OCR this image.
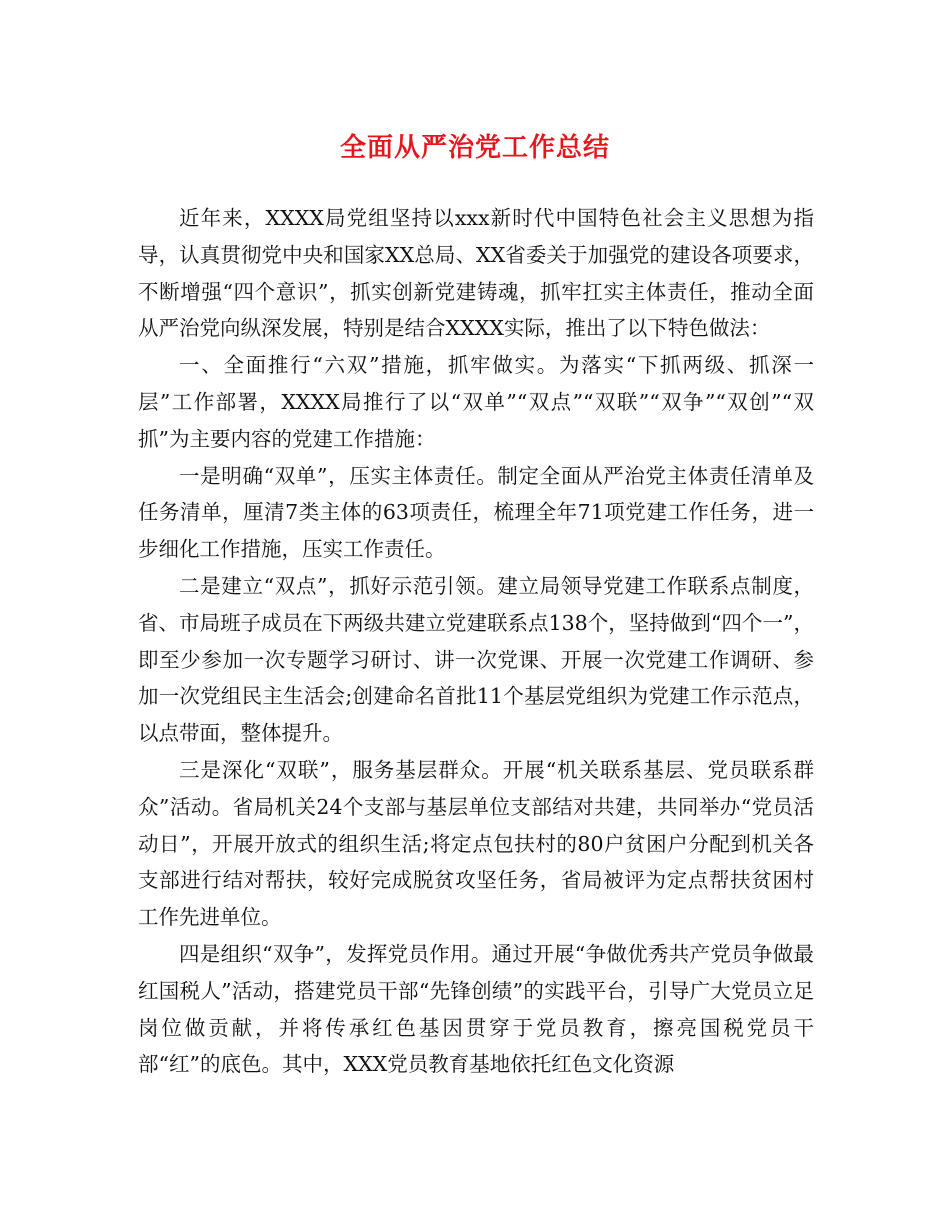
全面从严治党工作总结

近年来，XXXX局党组坚持以xxx新时代中国特色社会主义思想为指导，认真贯彻党中央和国家XX总局、XX省委关于加强党的建设各项要求，不断增强“四个意识”，抓实创新党建铸魂，抓牢扛实主体责任，推动全面从严治党向纵深发展，特别是结合XXXX实际，推出了以下特色做法：

一、全面推行“六双”措施，抓牢做实。为落实“下抓两级、抓深一层”工作部署，XXXX局推行了以“双单”“双点”“双联”“双争”“双创”“双抓”为主要内容的党建工作措施：

一是明确“双单”，压实主体责任。制定全面从严治党主体责任清单及任务清单，厘清7类主体的63项责任，梳理全年71项党建工作任务，进一步细化工作措施，压实工作责任。

二是建立“双点”，抓好示范引领。建立局领导党建工作联系点制度，省、市局班子成员在下两级共建立党建联系点138个，坚持做到“四个一”，即至少参加一次专题学习研讨、讲一次党课、开展一次党建工作调研、参加一次党组民主生活会;创建命名首批11个基层党组织为党建工作示范点，以点带面，整体提升。

三是深化“双联”，服务基层群众。开展“机关联系基层、党员联系群众”活动。省局机关24个支部与基层单位支部结对共建，共同举办“党员活动日”，开展开放式的组织生活;将定点包扶村的80户贫困户分配到机关各支部进行结对帮扶，较好完成脱贫攻坚任务，省局被评为定点帮扶贫困村工作先进单位。

四是组织“双争”，发挥党员作用。通过开展“争做优秀共产党员争做最红国税人”活动，搭建党员干部“先锋创绩”的实践平台，引导广大党员立足岗位做贡献，并将传承红色基因贯穿于党员教育，擦亮国税党员干部“红”的底色。其中，XXX党员教育基地依托红色文化资源
